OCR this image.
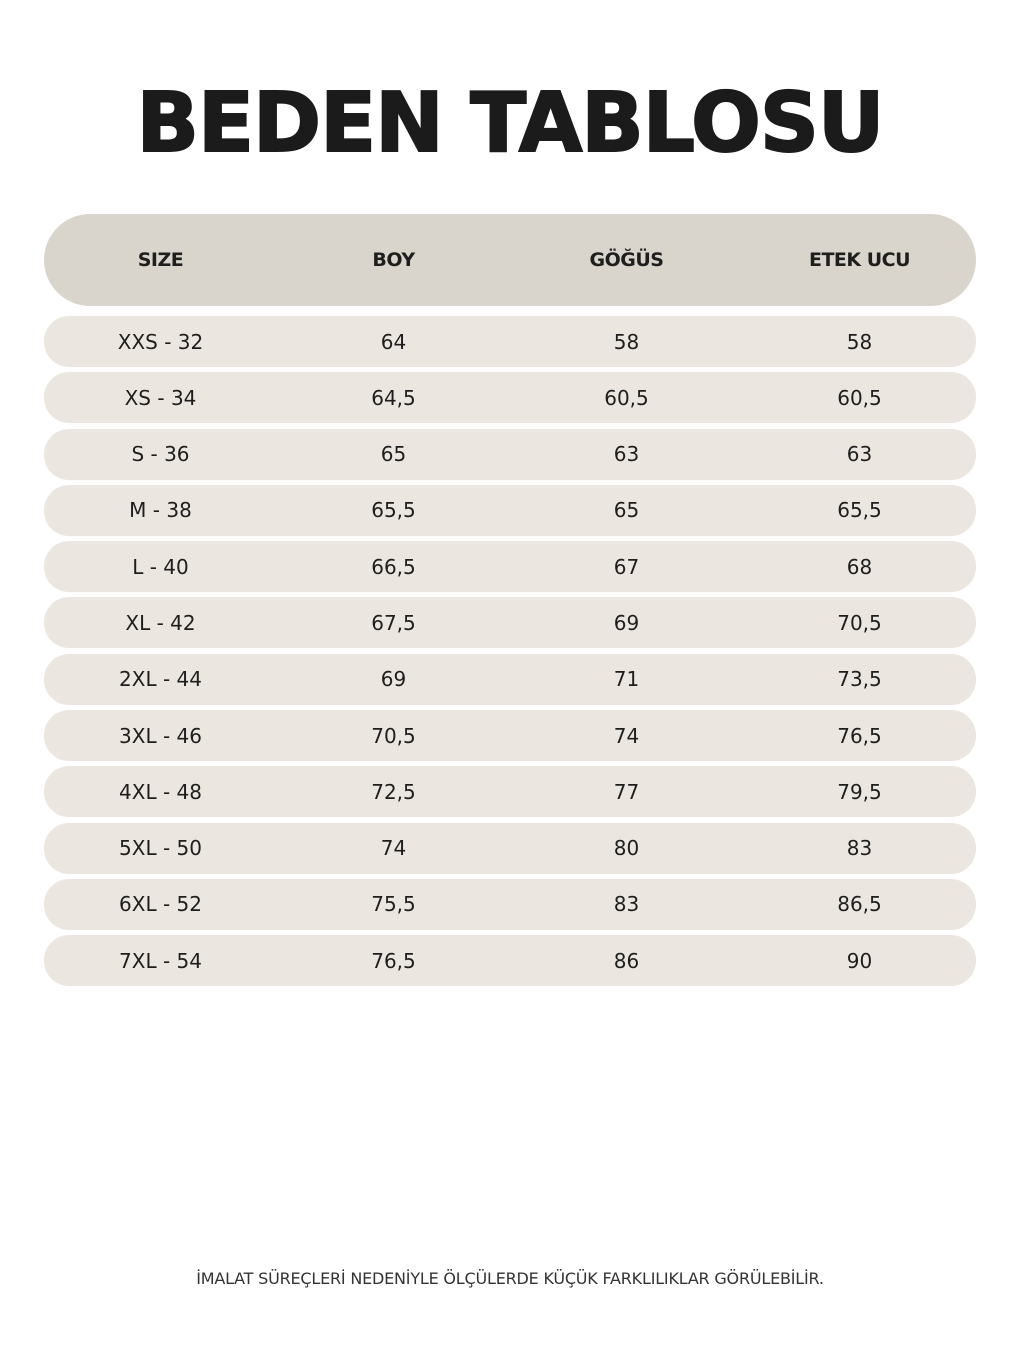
BEDEN TABLOSU
SIZE	BOY	GÖĞÜS	ETEK UCU
XXS - 32	64	58	58
XS - 34	64,5	60,5	60,5
S - 36	65	63	63
M - 38	65,5	65	65,5
L - 40	66,5	67	68
XL - 42	67,5	69	70,5
2XL - 44	69	71	73,5
3XL - 46	70,5	74	76,5
4XL - 48	72,5	77	79,5
5XL - 50	74	80	83
6XL - 52	75,5	83	86,5
7XL - 54	76,5	86	90
İMALAT SÜREÇLERİ NEDENİYLE ÖLÇÜLERDE KÜÇÜK FARKLILIKLAR GÖRÜLEBİLİR.
